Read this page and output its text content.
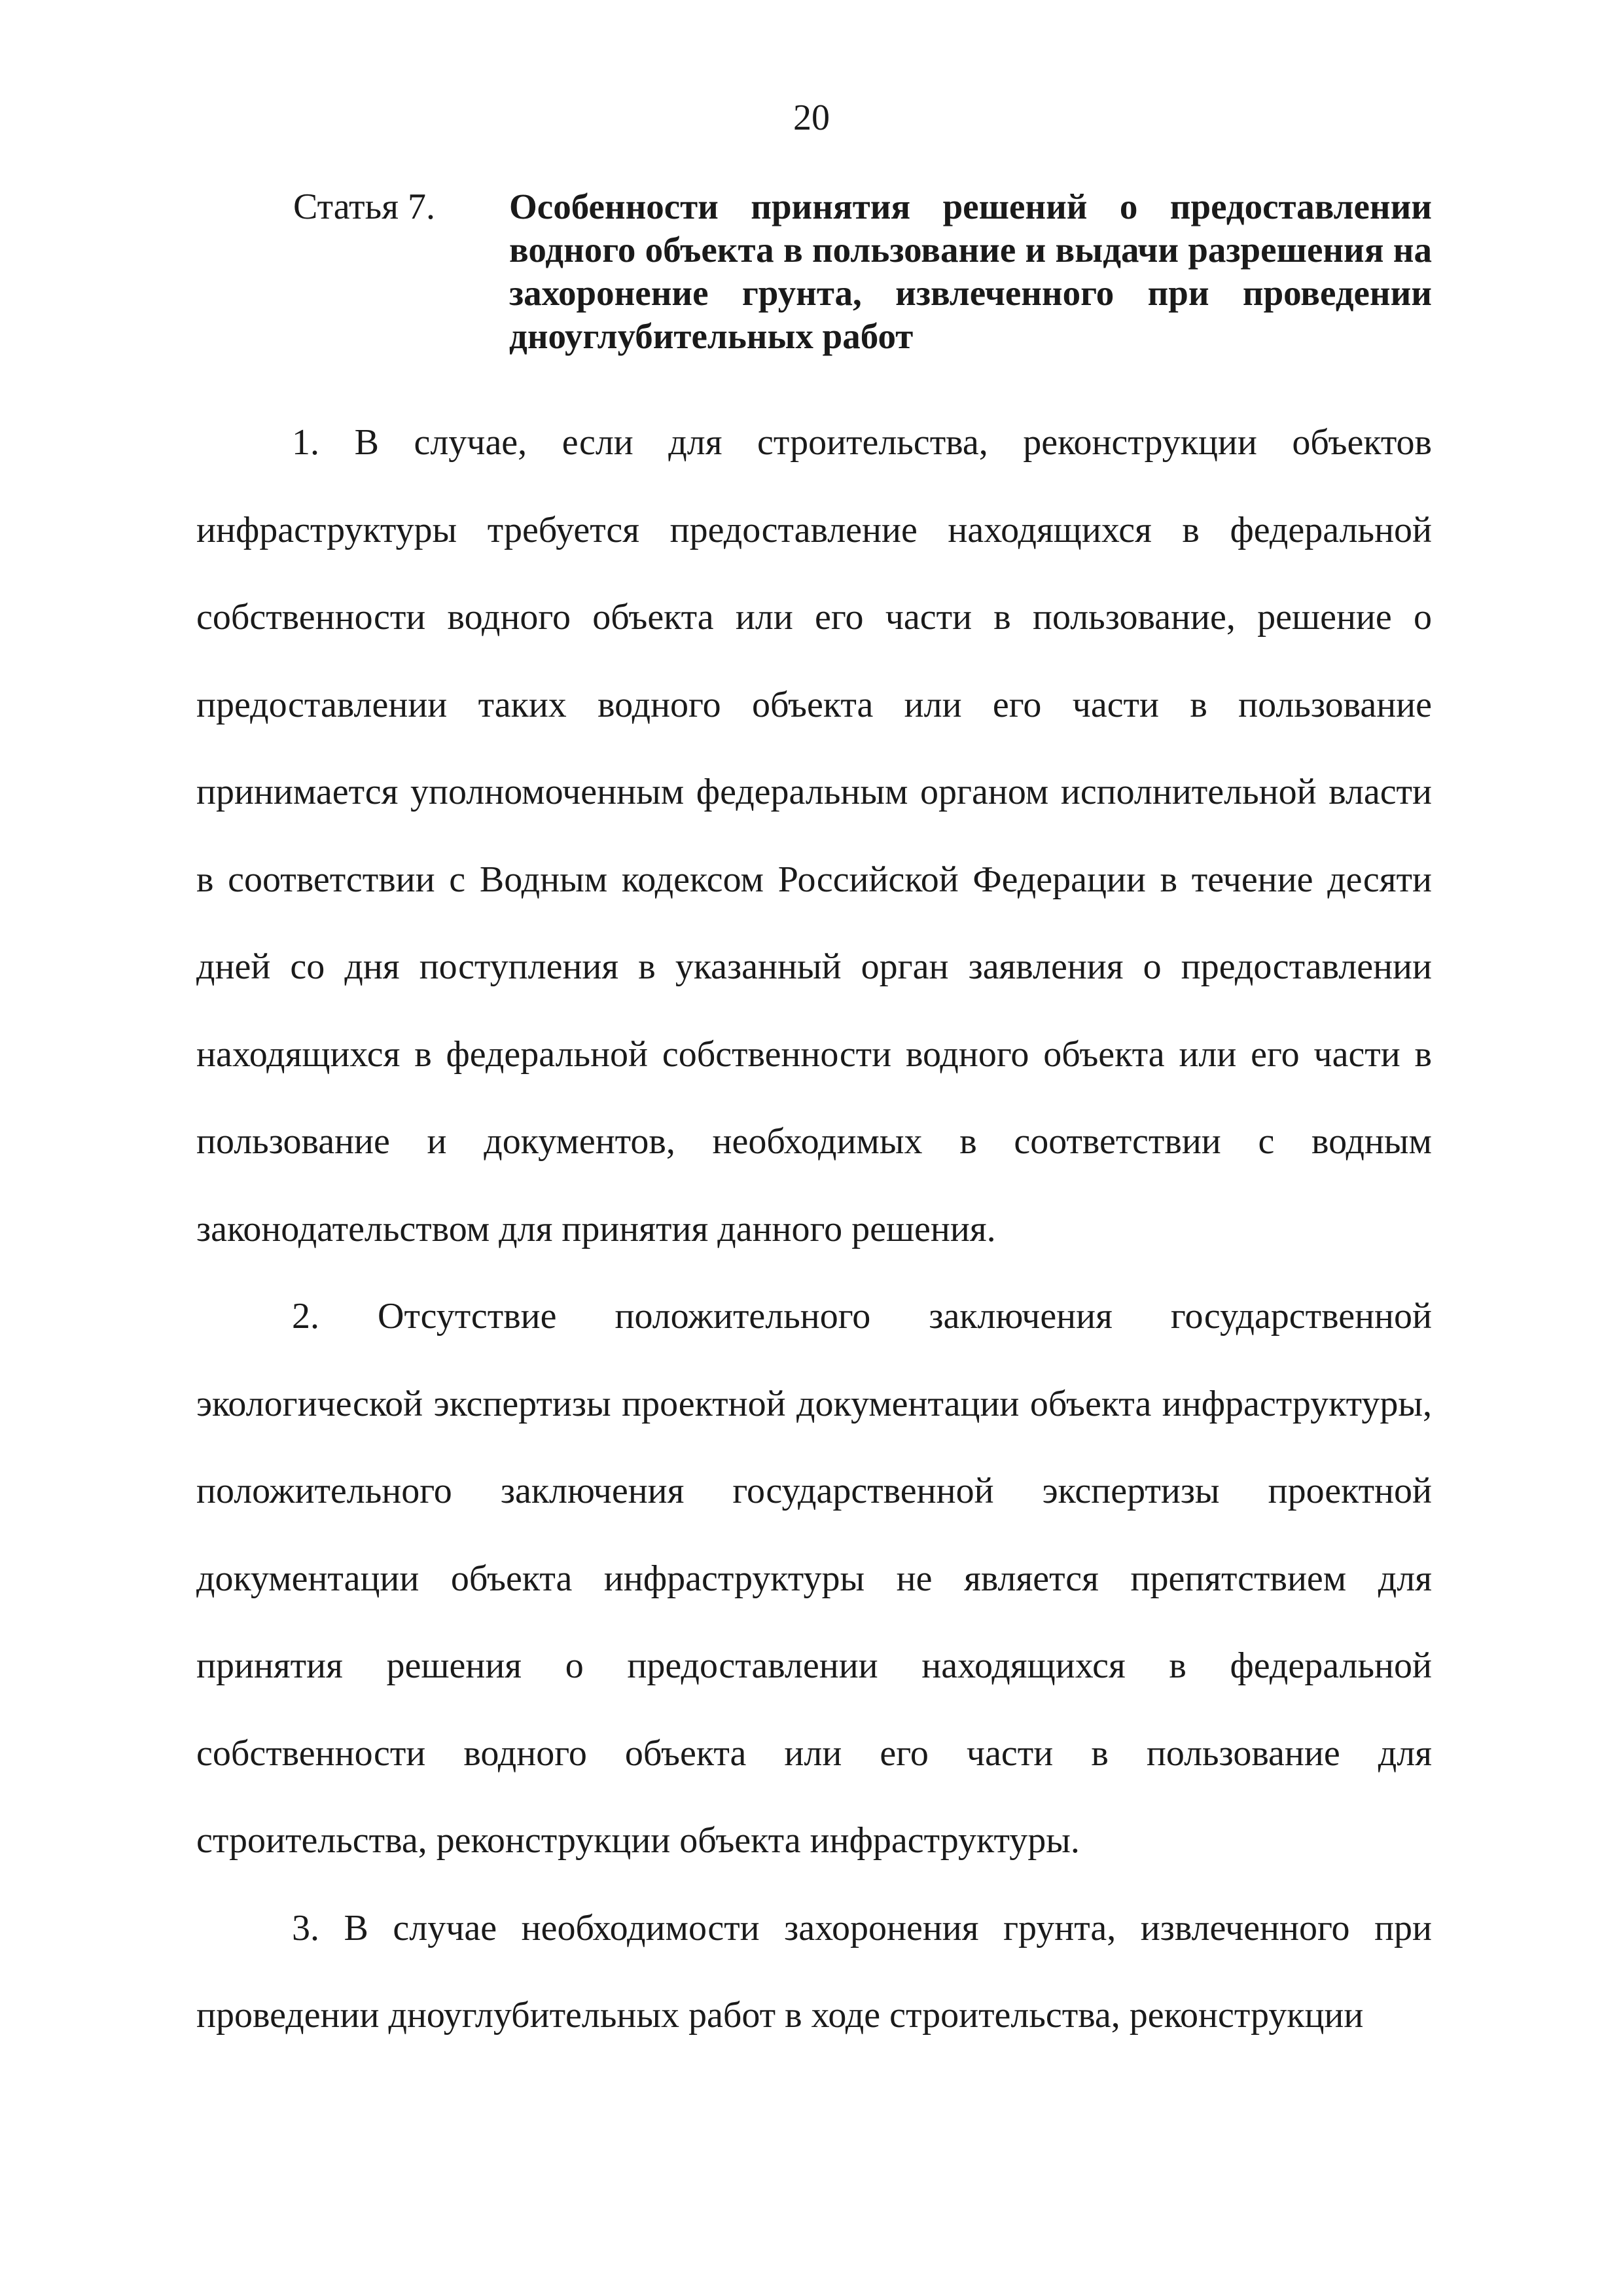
20
Статья 7.	Особенности принятия решений о предоставлении водного объекта в пользование и выдачи разрешения на захоронение грунта, извлеченного при проведении дноуглубительных работ

1. В случае, если для строительства, реконструкции объектов инфраструктуры требуется предоставление находящихся в федеральной собственности водного объекта или его части в пользование, решение о предоставлении таких водного объекта или его части в пользование принимается уполномоченным федеральным органом исполнительной власти в соответствии с Водным кодексом Российской Федерации в течение десяти дней со дня поступления в указанный орган заявления о предоставлении находящихся в федеральной собственности водного объекта или его части в пользование и документов, необходимых в соответствии с водным законодательством для принятия данного решения.

2. Отсутствие положительного заключения государственной экологической экспертизы проектной документации объекта инфраструктуры, положительного заключения государственной экспертизы проектной документации объекта инфраструктуры не является препятствием для принятия решения о предоставлении находящихся в федеральной собственности водного объекта или его части в пользование для строительства, реконструкции объекта инфраструктуры.

3. В случае необходимости захоронения грунта, извлеченного при проведении дноуглубительных работ в ходе строительства, реконструкции
